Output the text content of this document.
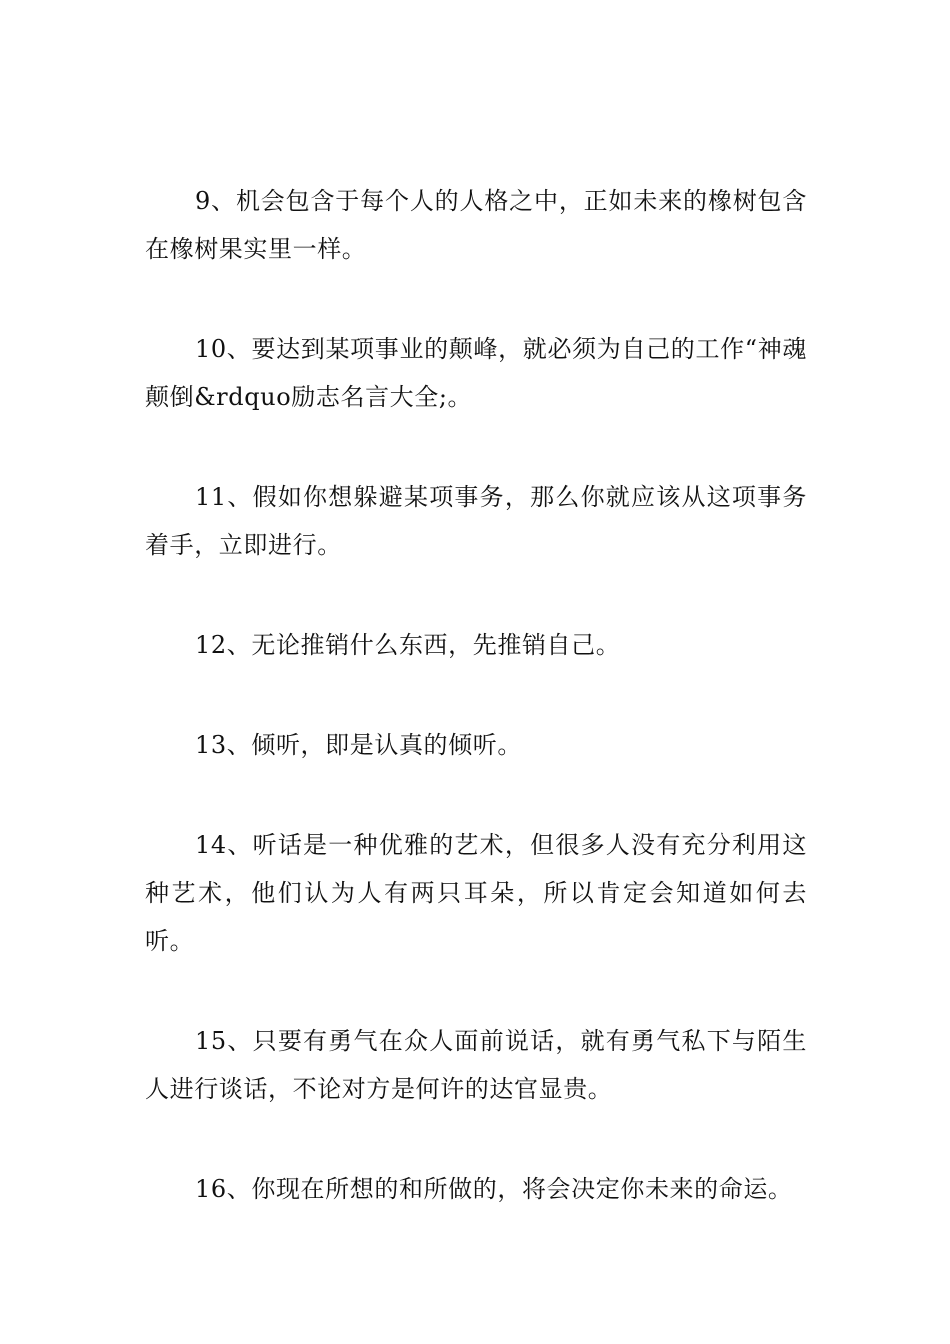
9、机会包含于每个人的人格之中，正如未来的橡树包含在橡树果实里一样。

10、要达到某项事业的颠峰，就必须为自己的工作“神魂颠倒&rdquo励志名言大全;。

11、假如你想躲避某项事务，那么你就应该从这项事务着手，立即进行。

12、无论推销什么东西，先推销自己。

13、倾听，即是认真的倾听。

14、听话是一种优雅的艺术，但很多人没有充分利用这种艺术，他们认为人有两只耳朵，所以肯定会知道如何去听。

15、只要有勇气在众人面前说话，就有勇气私下与陌生人进行谈话，不论对方是何许的达官显贵。

16、你现在所想的和所做的，将会决定你未来的命运。
